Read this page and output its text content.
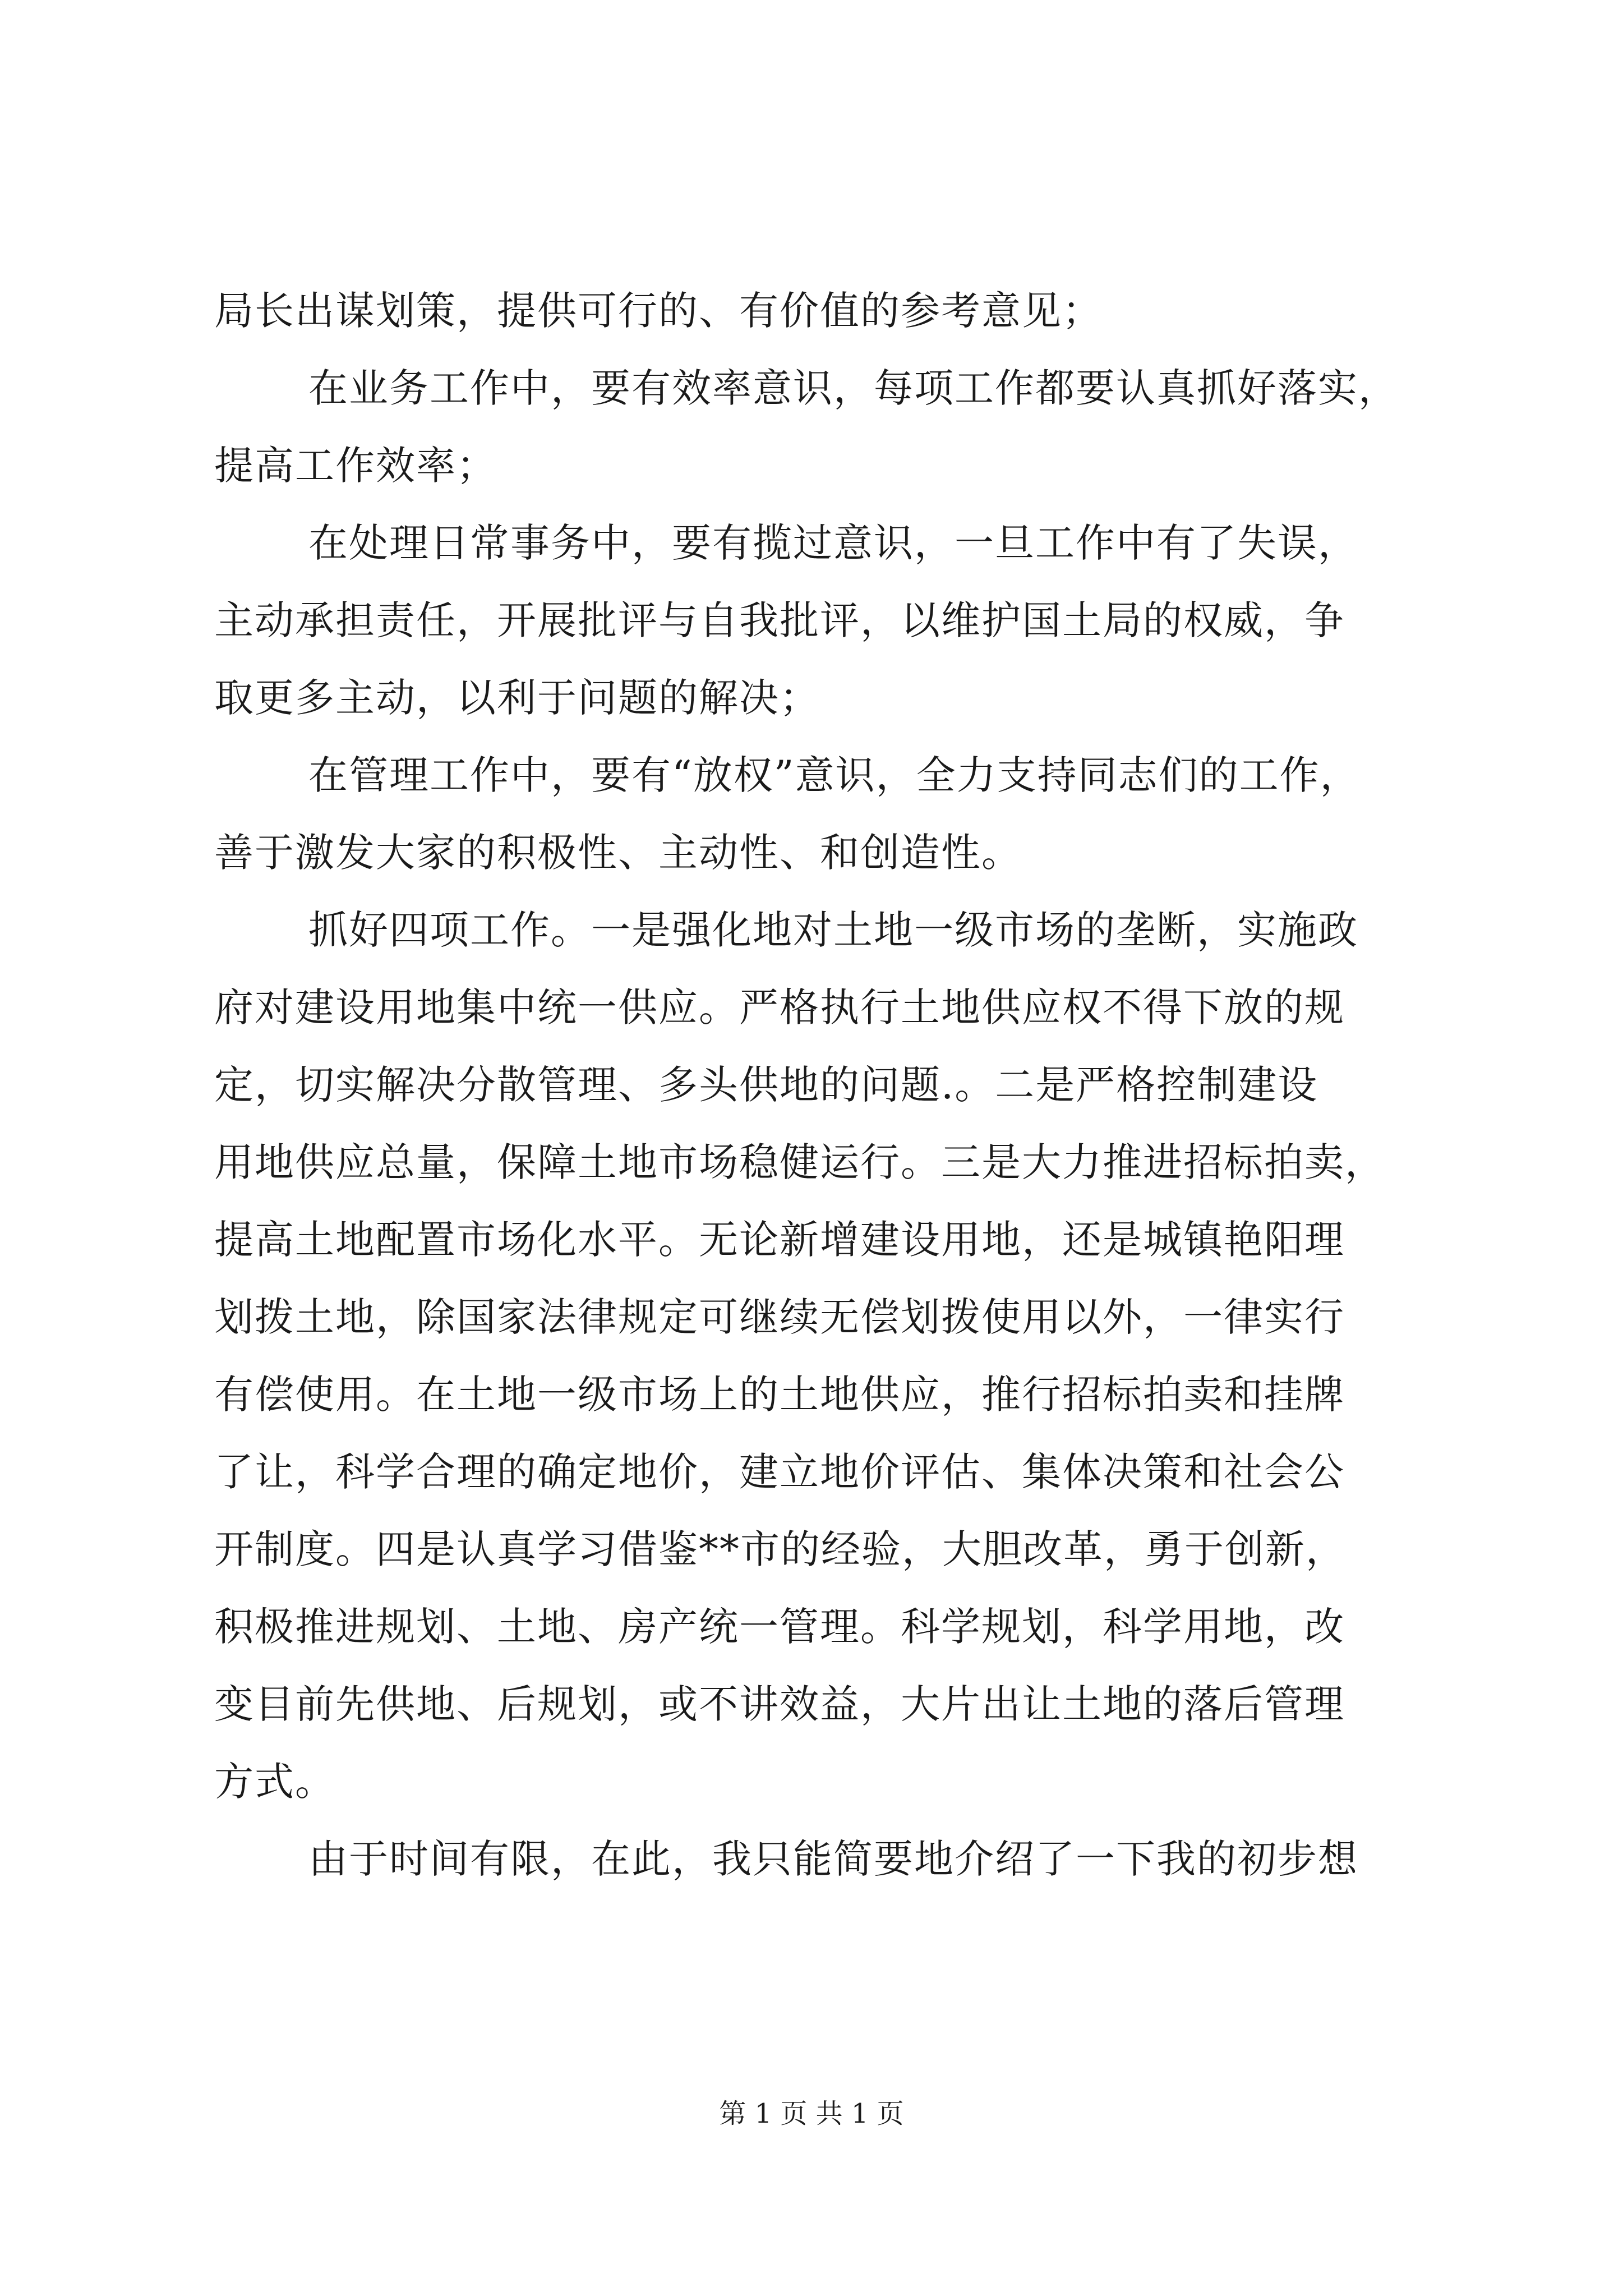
局长出谋划策，提供可行的、有价值的参考意见；

在业务工作中，要有效率意识，每项工作都要认真抓好落实，
提高工作效率；

在处理日常事务中，要有揽过意识，一旦工作中有了失误，
主动承担责任，开展批评与自我批评，以维护国土局的权威，争
取更多主动，以利于问题的解决；

在管理工作中，要有“放权”意识，全力支持同志们的工作，
善于激发大家的积极性、主动性、和创造性。

抓好四项工作。一是强化地对土地一级市场的垄断，实施政
府对建设用地集中统一供应。严格执行土地供应权不得下放的规
定，切实解决分散管理、多头供地的问题.。二是严格控制建设
用地供应总量，保障土地市场稳健运行。三是大力推进招标拍卖，
提高土地配置市场化水平。无论新增建设用地，还是城镇艳阳理
划拨土地，除国家法律规定可继续无偿划拨使用以外，一律实行
有偿使用。在土地一级市场上的土地供应，推行招标拍卖和挂牌
了让，科学合理的确定地价，建立地价评估、集体决策和社会公
开制度。四是认真学习借鉴**市的经验，大胆改革，勇于创新，
积极推进规划、土地、房产统一管理。科学规划，科学用地，改
变目前先供地、后规划，或不讲效益，大片出让土地的落后管理
方式。

由于时间有限，在此，我只能简要地介绍了一下我的初步想

第 1 页 共 1 页
